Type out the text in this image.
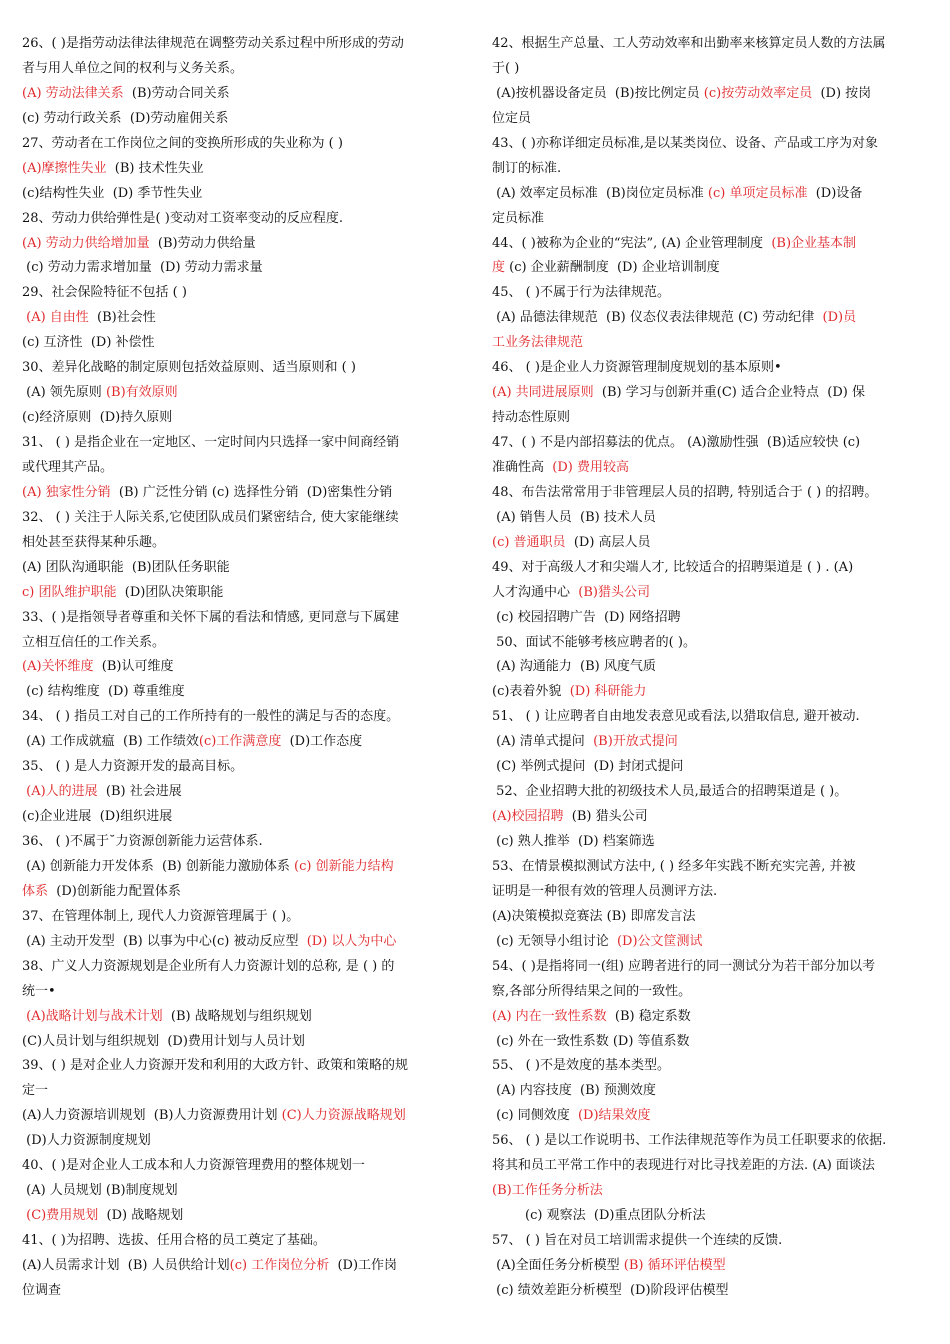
26、( )是指劳动法律法律规范在调整劳动关系过程中所形成的劳动
者与用人单位之间的权利与义务关系。
(A) 劳动法律关系  (B)劳动合同关系
(c) 劳动行政关系  (D)劳动雇佣关系
27、劳动者在工作岗位之间的变换所形成的失业称为 ( )
(A)摩擦性失业  (B) 技术性失业
(c)结构性失业  (D) 季节性失业
28、劳动力供给弹性是( )变动对工资率变动的反应程度.
(A) 劳动力供给增加量  (B)劳动力供给量
(c) 劳动力需求增加量  (D) 劳动力需求量
29、社会保险特征不包括 ( )
(A) 自由性  (B)社会性
(c) 互济性  (D) 补偿性
30、差异化战略的制定原则包括效益原则、适当原则和 ( )
(A) 领先原则 (B)有效原则
(c)经济原则  (D)持久原则
31、 ( ) 是指企业在一定地区、一定时间内只选择一家中间商经销
或代理其产品。
(A) 独家性分销  (B) 广泛性分销 (c) 选择性分销  (D)密集性分销
32、 ( ) 关注于人际关系,它使团队成员们紧密结合, 使大家能继续
相处甚至获得某种乐趣。
(A) 团队沟通职能  (B)团队任务职能
c) 团队维护职能  (D)团队决策职能
33、( )是指领导者尊重和关怀下属的看法和情感, 更同意与下属建
立相互信任的工作关系。
(A)关怀维度  (B)认可维度
(c) 结构维度  (D) 尊重维度
34、 ( ) 指员工对自己的工作所持有的一般性的满足与否的态度。
(A) 工作成就瘟  (B) 工作绩效(c)工作满意度  (D)工作态度
35、 ( ) 是人力资源开发的最高目标。
(A)人的进展  (B) 社会进展
(c)企业进展  (D)组织进展
36、 ( )不属于˘力资源创新能力运营体系.
(A) 创新能力开发体系  (B) 创新能力激励体系 (c) 创新能力结构
体系  (D)创新能力配置体系
37、在管理体制上, 现代人力资源管理属于 ( )。
(A) 主动开发型  (B) 以事为中心(c) 被动反应型  (D) 以人为中心
38、广义人力资源规划是企业所有人力资源计划的总称, 是 ( ) 的
统一•
(A)战略计划与战术计划  (B) 战略规划与组织规划
(C)人员计划与组织规划  (D)费用计划与人员计划
39、( ) 是对企业人力资源开发和利用的大政方针、政策和策略的规
定一
(A)人力资源培训规划  (B)人力资源费用计划 (C)人力资源战略规划
(D)人力资源制度规划
40、( )是对企业人工成本和人力资源管理费用的整体规划一
(A) 人员规划 (B)制度规划
(C)费用规划  (D) 战略规划
41、( )为招聘、选拔、任用合格的员工奠定了基础。
(A)人员需求计划  (B) 人员供给计划(c) 工作岗位分析  (D)工作岗
位调查
42、根据生产总量、工人劳动效率和出勤率来核算定员人数的方法属
于( )
(A)按机器设备定员  (B)按比例定员 (c)按劳动效率定员  (D) 按岗
位定员
43、( )亦称详细定员标准,是以某类岗位、设备、产品或工序为对象
制订的标准.
(A) 效率定员标准  (B)岗位定员标准 (c) 单项定员标准  (D)设备
定员标准
44、( )被称为企业的“宪法”, (A) 企业管理制度  (B)企业基本制
度 (c) 企业薪酬制度  (D) 企业培训制度
45、 ( )不属于行为法律规范。
(A) 品德法律规范  (B) 仪态仪表法律规范 (C) 劳动纪律  (D)员
工业务法律规范
46、 ( )是企业人力资源管理制度规划的基本原则•
(A) 共同进展原则  (B) 学习与创新并重(C) 适合企业特点  (D) 保
持动态性原则
47、( ) 不是内部招募法的优点。 (A)激励性强  (B)适应较快 (c)
准确性高  (D) 费用较高
48、布告法常常用于非管理层人员的招聘, 特别适合于 ( ) 的招聘。
(A) 销售人员  (B) 技术人员
(c) 普通职员  (D) 高层人员
49、对于高级人才和尖端人才, 比较适合的招聘渠道是 ( ) . (A)
人才沟通中心  (B)猎头公司
(c) 校园招聘广告  (D) 网络招聘
50、面试不能够考核应聘者的( )。
(A) 沟通能力  (B) 风度气质
(c)表着外貌  (D) 科研能力
51、 ( ) 让应聘者自由地发表意见或看法,以猎取信息, 避开被动.
(A) 清单式提问  (B)开放式提问
(C) 举例式提问  (D) 封闭式提问
52、企业招聘大批的初级技术人员,最适合的招聘渠道是 ( )。
(A)校园招聘  (B) 猎头公司
(c) 熟人推举  (D) 档案筛选
53、在情景模拟测试方法中, ( ) 经多年实践不断充实完善, 并被
证明是一种很有效的管理人员测评方法.
(A)决策模拟竞赛法 (B) 即席发言法
(c) 无领导小组讨论  (D)公文筐测试
54、( )是指将同一(组) 应聘者进行的同一测试分为若干部分加以考
察,各部分所得结果之间的一致性。
(A) 内在一致性系数  (B) 稳定系数
(c) 外在一致性系数 (D) 等值系数
55、 ( )不是效度的基本类型。
(A) 内容技度  (B) 预测效度
(c) 同侧效度  (D)结果效度
56、 ( ) 是以工作说明书、工作法律规范等作为员工任职要求的依据.
将其和员工平常工作中的表现进行对比寻找差距的方法. (A) 面谈法
(B)工作任务分析法
(c) 观察法  (D)重点团队分析法
57、 ( ) 旨在对员工培训需求提供一个连续的反馈.
(A)全面任务分析模型 (B) 循环评估模型
(c) 绩效差距分析模型  (D)阶段评估模型
